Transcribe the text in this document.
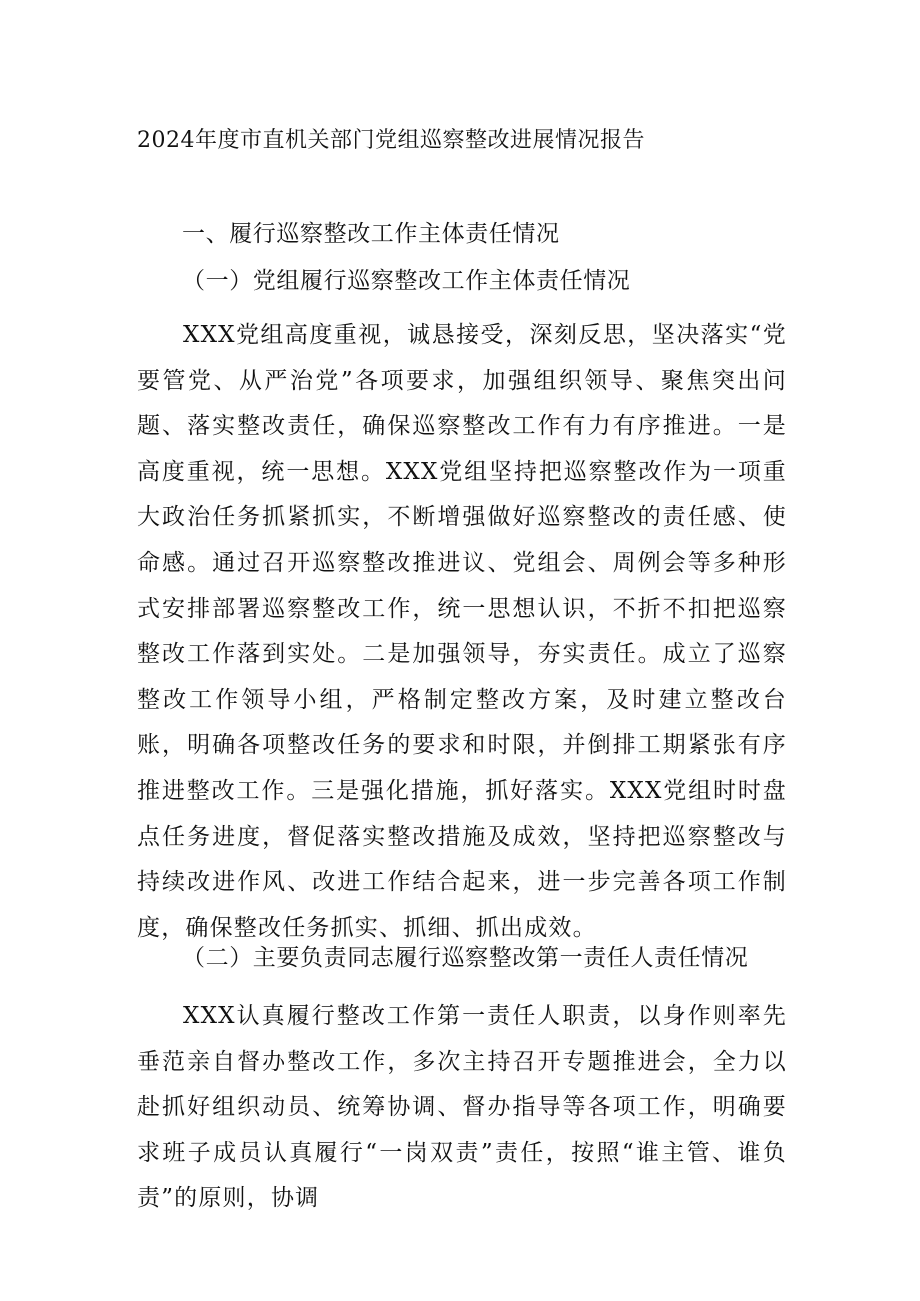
2024年度市直机关部门党组巡察整改进展情况报告
一、履行巡察整改工作主体责任情况
（一）党组履行巡察整改工作主体责任情况
XXX党组高度重视，诚恳接受，深刻反思，坚决落实“党要管党、从严治党”各项要求，加强组织领导、聚焦突出问题、落实整改责任，确保巡察整改工作有力有序推进。一是高度重视，统一思想。XXX党组坚持把巡察整改作为一项重大政治任务抓紧抓实，不断增强做好巡察整改的责任感、使命感。通过召开巡察整改推进议、党组会、周例会等多种形式安排部署巡察整改工作，统一思想认识，不折不扣把巡察整改工作落到实处。二是加强领导，夯实责任。成立了巡察整改工作领导小组，严格制定整改方案，及时建立整改台账，明确各项整改任务的要求和时限，并倒排工期紧张有序推进整改工作。三是强化措施，抓好落实。XXX党组时时盘点任务进度，督促落实整改措施及成效，坚持把巡察整改与持续改进作风、改进工作结合起来，进一步完善各项工作制度，确保整改任务抓实、抓细、抓出成效。
（二）主要负责同志履行巡察整改第一责任人责任情况
XXX认真履行整改工作第一责任人职责，以身作则率先垂范亲自督办整改工作，多次主持召开专题推进会，全力以赴抓好组织动员、统筹协调、督办指导等各项工作，明确要求班子成员认真履行“一岗双责”责任，按照“谁主管、谁负责”的原则，协调
